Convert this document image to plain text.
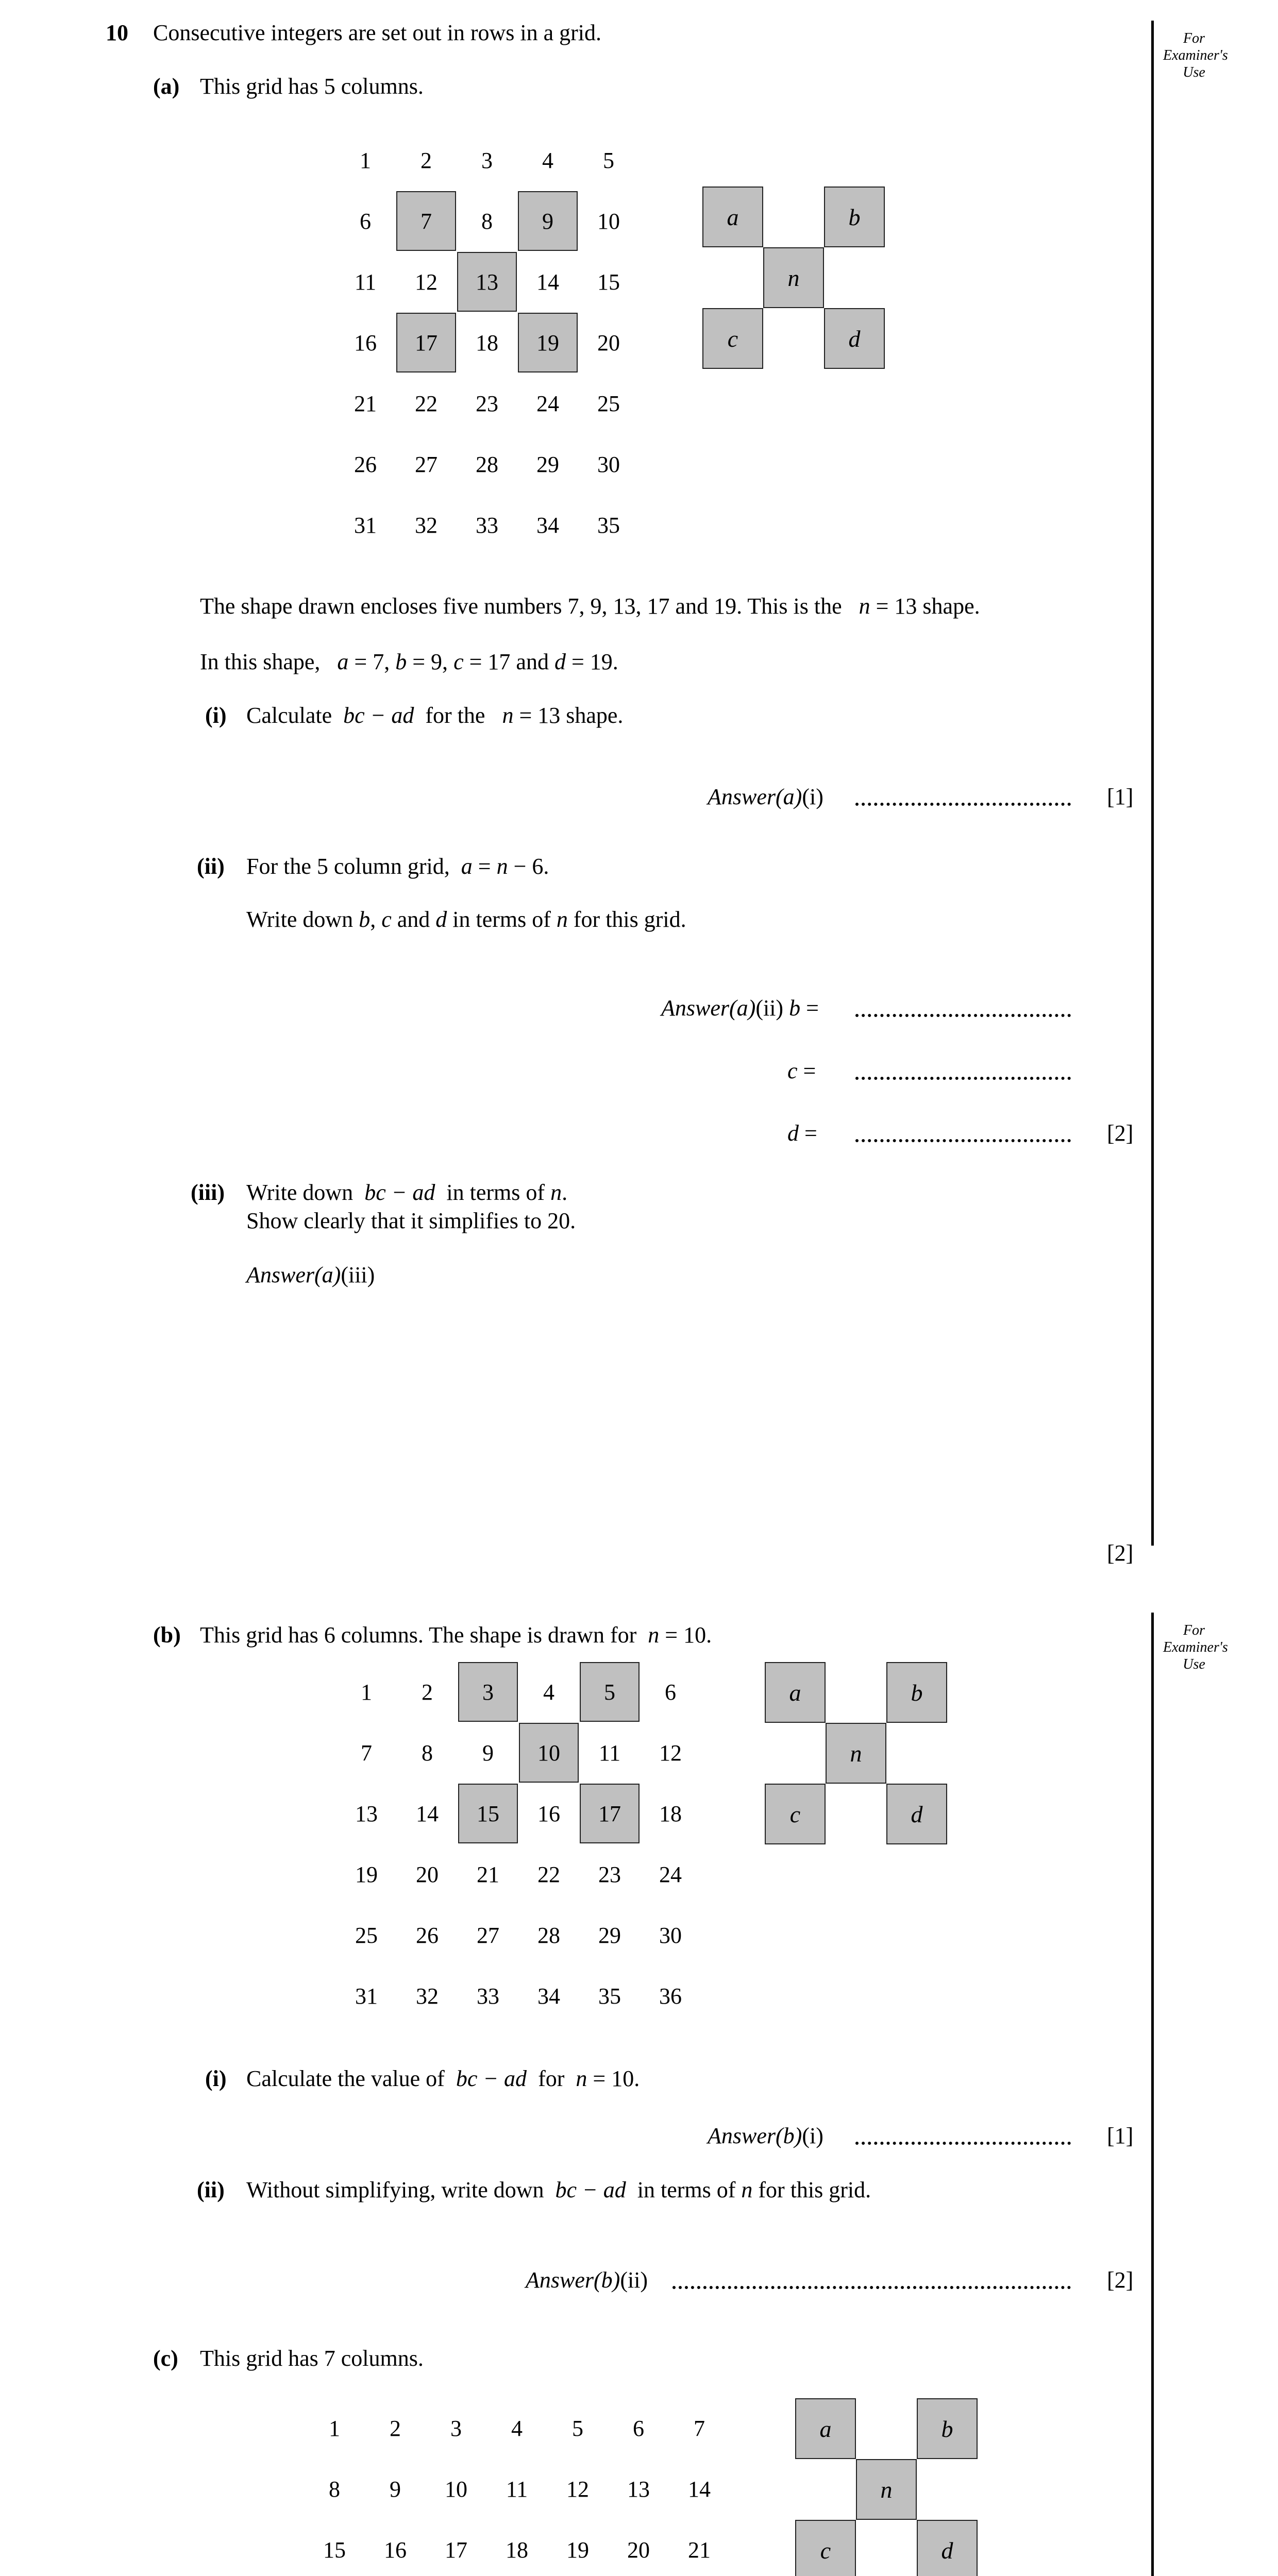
For
Examiner's
Use
For
Examiner's
Use
10 Consecutive integers are set out in rows in a grid.
(a) This grid has 5 columns.
1	2	3	4	5
6	7	8	9	10
11	12	13	14	15
16	17	18	19	20
21	22	23	24	25
26	27	28	29	30
31	32	33	34	35
a	b
n
c	d
The shape drawn encloses five numbers 7, 9, 13, 17 and 19. This is the n = 13 shape.
In this shape, a = 7, b = 9, c = 17 and d = 19.
(i) Calculate bc − ad for the n = 13 shape.
Answer(a)(i)	[1]
(ii) For the 5 column grid, a = n − 6.
Write down b, c and d in terms of n for this grid.
Answer(a)(ii) b =
c =
d =	[2]
(iii) Write down bc − ad in terms of n.
Show clearly that it simplifies to 20.
Answer(a)(iii)
[2]
(b) This grid has 6 columns. The shape is drawn for n = 10.
1	2	3	4	5	6
7	8	9	10	11	12
13	14	15	16	17	18
19	20	21	22	23	24
25	26	27	28	29	30
31	32	33	34	35	36
a	b
n
c	d
(i) Calculate the value of bc − ad for n = 10.
Answer(b)(i)	[1]
(ii) Without simplifying, write down bc − ad in terms of n for this grid.
Answer(b)(ii)	[2]
(c) This grid has 7 columns.
1	2	3	4	5	6	7
8	9	10	11	12	13	14
15	16	17	18	19	20	21
a	b
n
c	d
